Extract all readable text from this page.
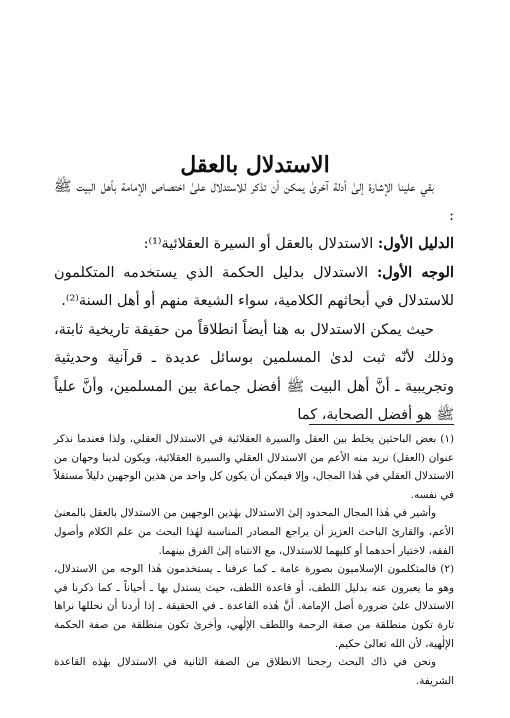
الاستدلال بالعقل

بقي علينا الإشارة إلىٰ أدلة آخرىٰ يمكن أن تذكر للاستدلال علىٰ اختصاص الإمامة بأهل البيت ﷺ :

الدليل الأول: الاستدلال بالعقل أو السيرة العقلائية⁽¹⁾:

الوجه الأول: الاستدلال بدليل الحكمة الذي يستخدمه المتكلمون للاستدلال في أبحاثهم الكلامية، سواء الشيعة منهم أو أهل السنة⁽²⁾.

حيث يمكن الاستدلال به هنا أيضاً انطلاقاً من حقيقة تاريخية ثابتة، وذلك لأنّه ثبت لدىٰ المسلمين بوسائل عديدة ـ قرآنية وحديثية وتجريبية ـ أنَّ أهل البيت ﷺ أفضل جماعة بين المسلمين، وأنَّ علياً ﷺ هو أفضل الصحابة، كما

(١)بعض الباحثين يخلط بين العقل والسيرة العقلائية في الاستدلال العقلي، ولذا فعندما نذكر عنوان (العقل) نريد منه الأعم من الاستدلال العقلي والسيرة العقلائية، ويكون لدينا وجهان من الاستدلال العقلي في هٰذا المجال، وإلا فيمكن أن يكون كل واحد من هذين الوجهين دليلاً مستقلاً في نفسه.

وأشير في هٰذا المجال المحدود إلىٰ الاستدلال بهٰذين الوجهين من الاستدلال بالعقل بالمعنىٰ الأعم، والقارئ الباحث العزيز أن يراجع المصادر المناسبة لهٰذا البحث من علم الكلام وأصول الفقه، لاختيار أحدهما أو كليهما للاستدلال، مع الانتباه إلىٰ الفرق بينهما.

(٢)فالمتكلمون الإسلاميون بصورة عامة ـ كما عرفنا ـ يستخدمون هٰذا الوجه من الاستدلال، وهو ما يعبرون عنه بدليل اللطف، أو قاعدة اللطف، حيث يستدل بها ـ أحياناً ـ كما ذكرنا في الاستدلال علىٰ ضرورة أصل الإمامة. أنَّ هٰذه القاعدة ـ في الحقيقة ـ إذا أردنا أن نحللها نراها تارة تكون منطلقة من صفة الرحمة واللطف الإلٰهي، وأخرىٰ تكون منطلقة من صفة الحكمة الإلٰهية، لأن الله تعالىٰ حكيم.

ونحن في ذاك البحث رجحنا الانطلاق من الصفة الثانية في الاستدلال بهٰذه القاعدة الشريفة.
